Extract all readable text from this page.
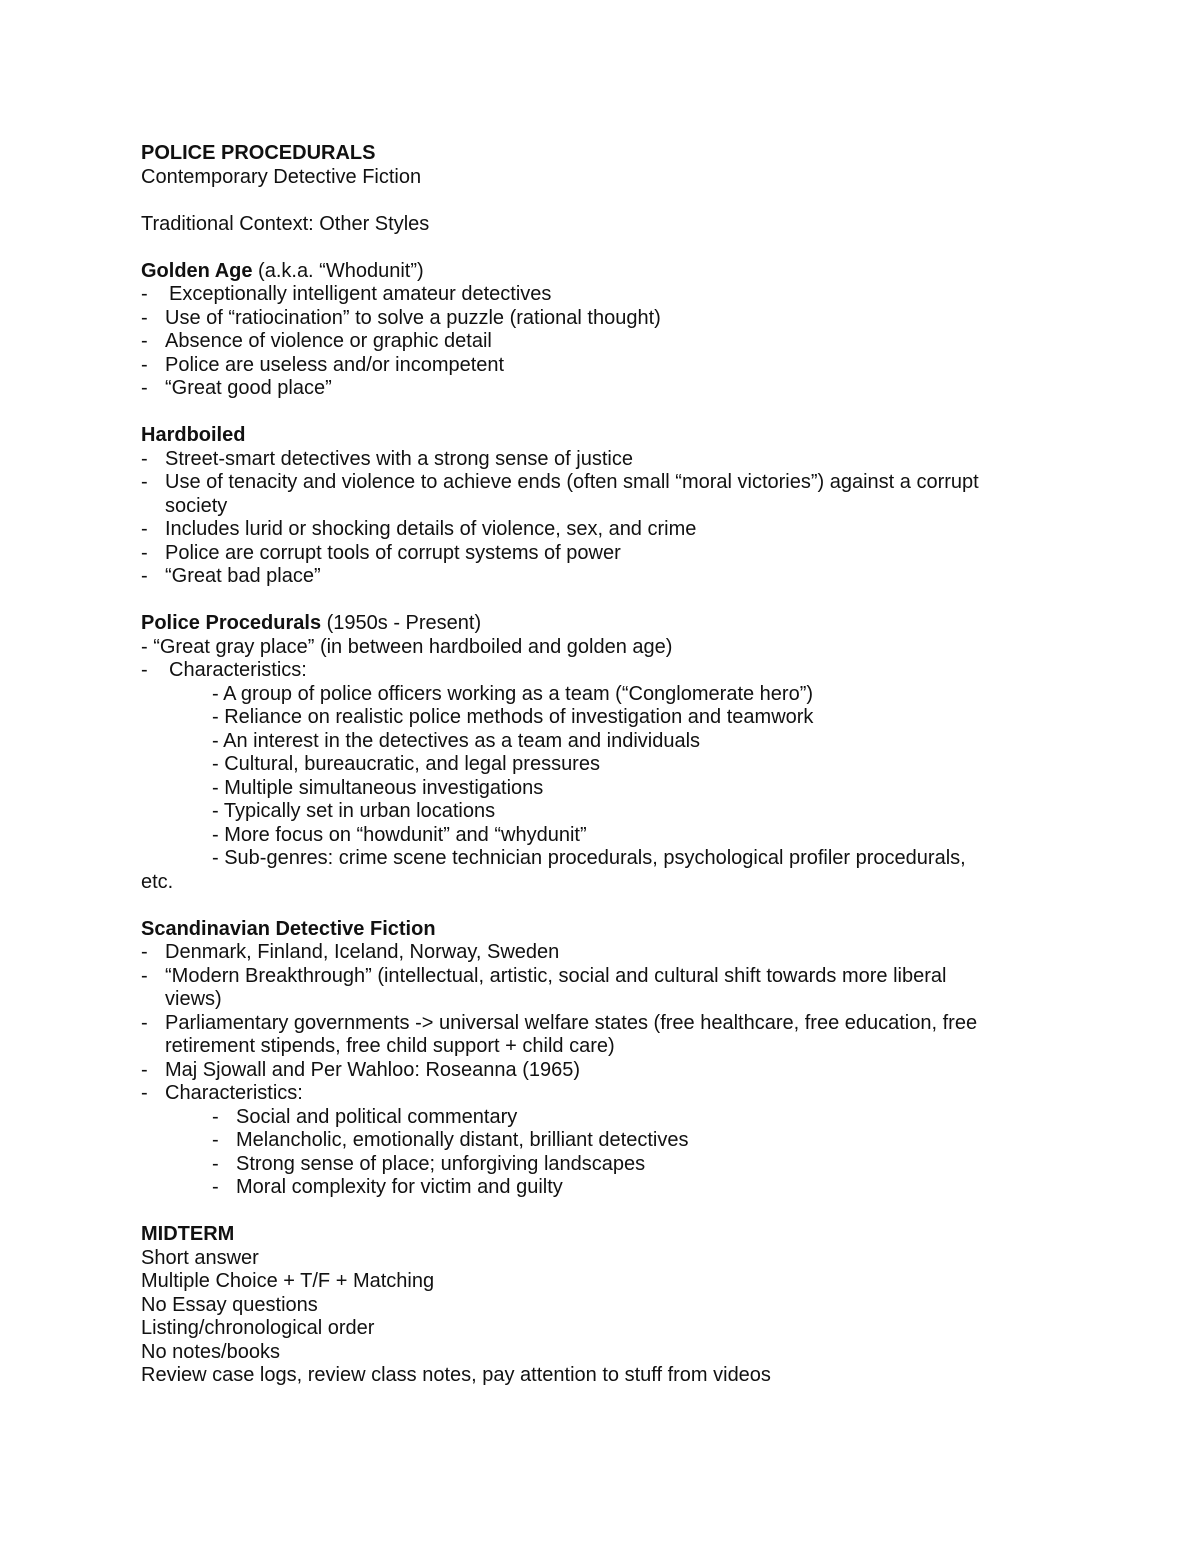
POLICE PROCEDURALS
Contemporary Detective Fiction
Traditional Context: Other Styles
Golden Age (a.k.a. “Whodunit”)
- Exceptionally intelligent amateur detectives
- Use of “ratiocination” to solve a puzzle (rational thought)
- Absence of violence or graphic detail
- Police are useless and/or incompetent
- “Great good place”
Hardboiled
- Street-smart detectives with a strong sense of justice
- Use of tenacity and violence to achieve ends (often small “moral victories”) against a corrupt
society
- Includes lurid or shocking details of violence, sex, and crime
- Police are corrupt tools of corrupt systems of power
- “Great bad place”
Police Procedurals (1950s - Present)
- “Great gray place” (in between hardboiled and golden age)
- Characteristics:
- A group of police officers working as a team (“Conglomerate hero”)
- Reliance on realistic police methods of investigation and teamwork
- An interest in the detectives as a team and individuals
- Cultural, bureaucratic, and legal pressures
- Multiple simultaneous investigations
- Typically set in urban locations
- More focus on “howdunit” and “whydunit”
- Sub-genres: crime scene technician procedurals, psychological profiler procedurals,
etc.
Scandinavian Detective Fiction
- Denmark, Finland, Iceland, Norway, Sweden
- “Modern Breakthrough” (intellectual, artistic, social and cultural shift towards more liberal
views)
- Parliamentary governments -> universal welfare states (free healthcare, free education, free
retirement stipends, free child support + child care)
- Maj Sjowall and Per Wahloo: Roseanna (1965)
- Characteristics:
- Social and political commentary
- Melancholic, emotionally distant, brilliant detectives
- Strong sense of place; unforgiving landscapes
- Moral complexity for victim and guilty
MIDTERM
Short answer
Multiple Choice + T/F + Matching
No Essay questions
Listing/chronological order
No notes/books
Review case logs, review class notes, pay attention to stuff from videos
